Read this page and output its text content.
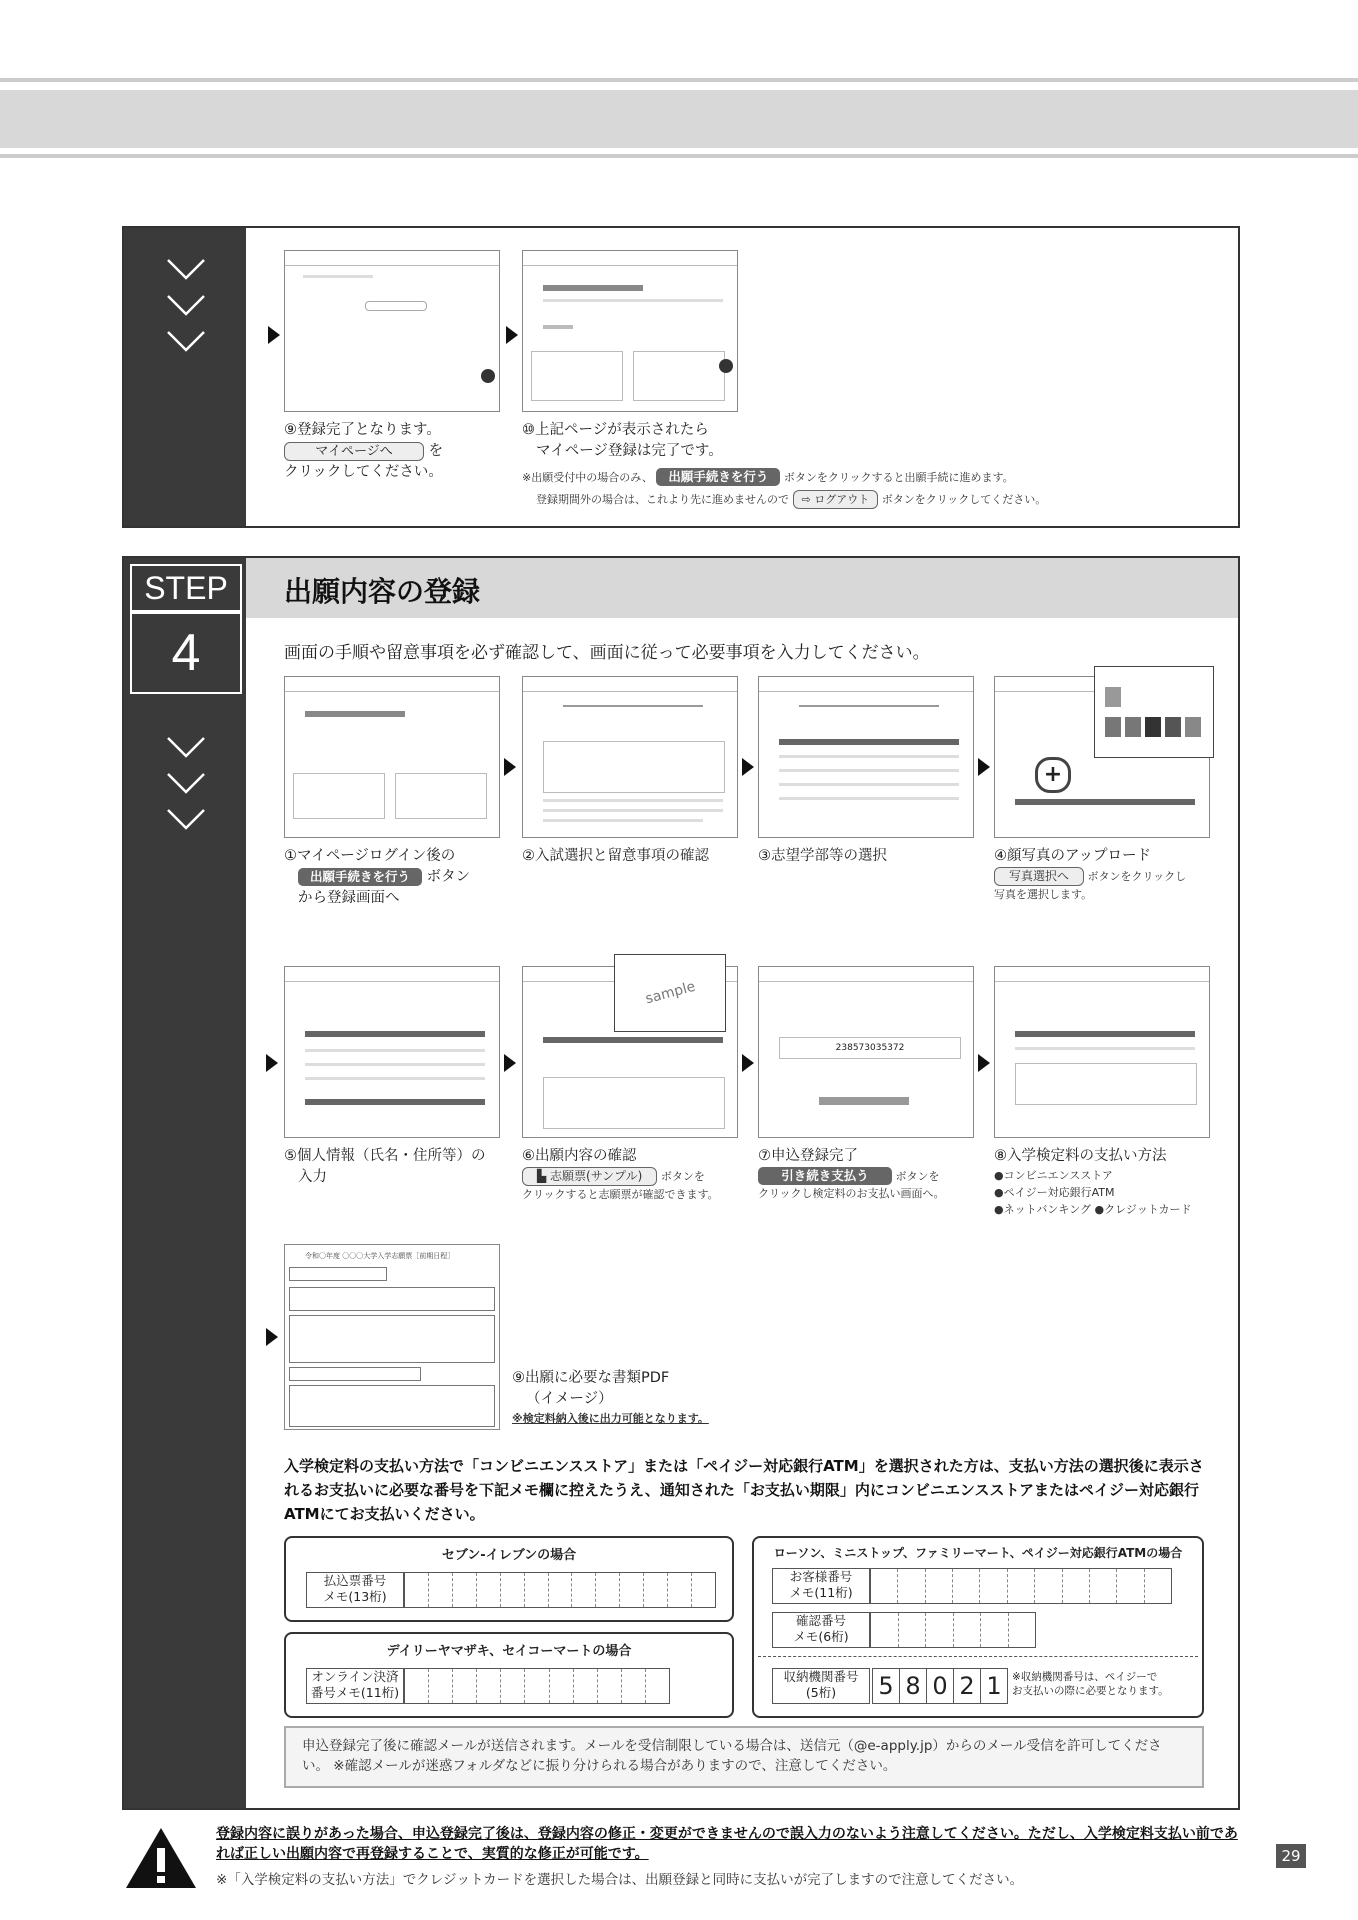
⑨登録完了となります。
マイページへ を
クリックしてください。
⑩上記ページが表示されたら
マイページ登録は完了です。
※出願受付中の場合のみ、 出願手続きを行う ボタンをクリックすると出願手続に進めます。
登録期間外の場合は、これより先に進めませんので ⇨ ログアウト ボタンをクリックしてください。
STEP
4
出願内容の登録
画面の手順や留意事項を必ず確認して、画面に従って必要事項を入力してください。
+
①マイページログイン後の
出願手続きを行う ボタン
から登録画面へ
②入試選択と留意事項の確認	③志望学部等の選択	④顔写真のアップロード
写真選択へ ボタンをクリックし
写真を選択します。
sample
238573035372
⑤個人情報（氏名・住所等）の
入力
⑥出願内容の確認
▙ 志願票(サンプル) ボタンを
クリックすると志願票が確認できます。
⑦申込登録完了
引き続き支払う ボタンを
クリックし検定料のお支払い画面へ。
⑧入学検定料の支払い方法
●コンビニエンスストア
●ペイジー対応銀行ATM
●ネットバンキング ●クレジットカード
令和〇年度 〇〇〇大学入学志願票［前期日程］
⑨出願に必要な書類PDF
（イメージ）
※検定料納入後に出力可能となります。
入学検定料の支払い方法で「コンビニエンスストア」または「ペイジー対応銀行ATM」を選択された方は、支払い方法の選択後に表示されるお支払いに必要な番号を下記メモ欄に控えたうえ、通知された「お支払い期限」内にコンビニエンスストアまたはペイジー対応銀行ATMにてお支払いください。
セブン-イレブンの場合
払込票番号
メモ(13桁)
デイリーヤマザキ、セイコーマートの場合
オンライン決済
番号メモ(11桁)
ローソン、ミニストップ、ファミリーマート、ペイジー対応銀行ATMの場合
お客様番号
メモ(11桁)
確認番号
メモ(6桁)
収納機関番号
(5桁)	5 8 0 2 1 ※収納機関番号は、ペイジーで
お支払いの際に必要となります。
申込登録完了後に確認メールが送信されます。メールを受信制限している場合は、送信元（@e-apply.jp）からのメール受信を許可してください。 ※確認メールが迷惑フォルダなどに振り分けられる場合がありますので、注意してください。
登録内容に誤りがあった場合、申込登録完了後は、登録内容の修正・変更ができませんので誤入力のないよう注意してください。ただし、入学検定料支払い前であれば正しい出願内容で再登録することで、実質的な修正が可能です。
※「入学検定料の支払い方法」でクレジットカードを選択した場合は、出願登録と同時に支払いが完了しますので注意してください。
29
